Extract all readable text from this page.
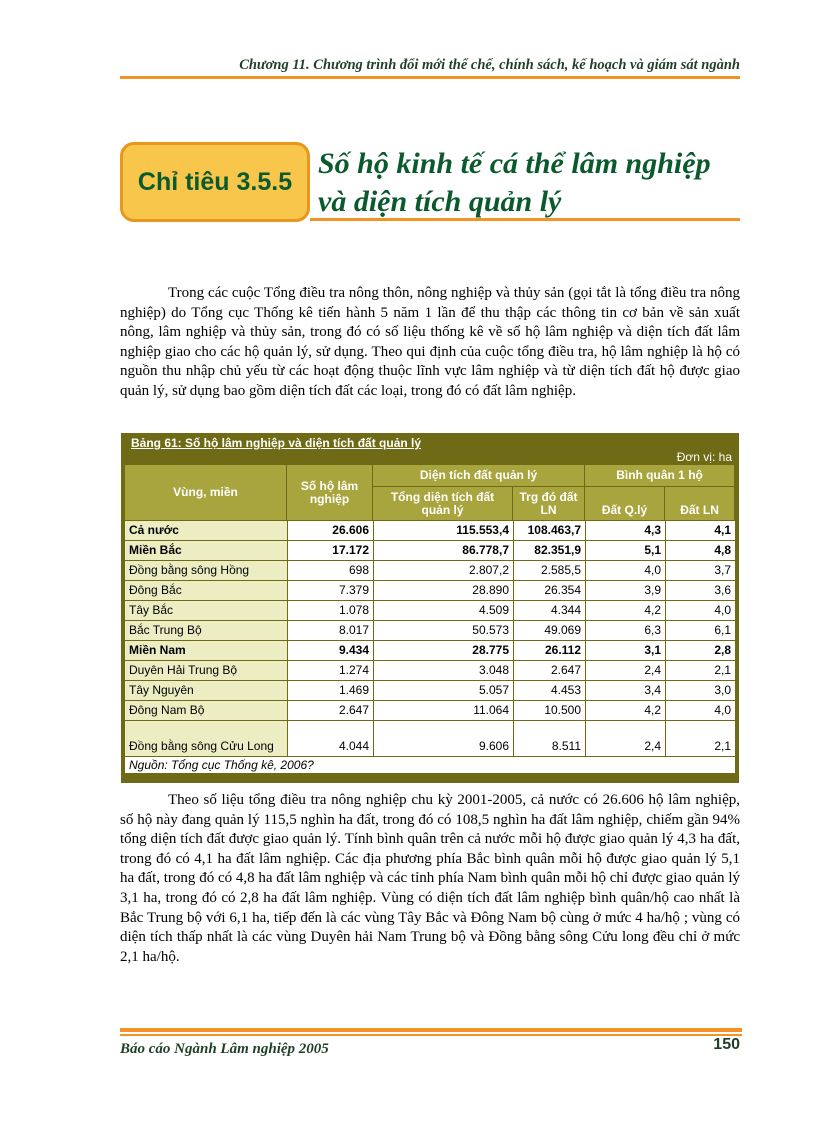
Chương 11. Chương trình đổi mới thể chế, chính sách, kế hoạch và giám sát ngành
Chỉ tiêu 3.5.5
Số hộ kinh tế cá thể lâm nghiệp và diện tích quản lý

Trong các cuộc Tổng điều tra nông thôn, nông nghiệp và thủy sản (gọi tắt là tổng điều tra nông nghiệp) do Tổng cục Thống kê tiến hành 5 năm 1 lần để thu thập các thông tin cơ bản về sản xuất nông, lâm nghiệp và thủy sản, trong đó có số liệu thống kê về số hộ lâm nghiệp và diện tích đất lâm nghiệp giao cho các hộ quản lý, sử dụng. Theo qui định của cuộc tổng điều tra, hộ lâm nghiệp là hộ có nguồn thu nhập chủ yếu từ các hoạt động thuộc lĩnh vực lâm nghiệp và từ diện tích đất hộ được giao quản lý, sử dụng bao gồm diện tích đất các loại, trong đó có đất lâm nghiệp.

Bảng 61: Số hộ lâm nghiệp và diện tích đất quản lý
Đơn vị: ha
Vùng, miền	Số hộ lâm nghiệp	Diện tích đất quản lý		Bình quân 1 hộ	
		Tổng diện tích đất quản lý	Trg đó đất LN	Đất Q.lý	Đất LN
Cả nước	26.606	115.553,4	108.463,7	4,3	4,1
Miền Bắc	17.172	86.778,7	82.351,9	5,1	4,8
Đồng bằng sông Hồng	698	2.807,2	2.585,5	4,0	3,7
Đông Bắc	7.379	28.890	26.354	3,9	3,6
Tây Bắc	1.078	4.509	4.344	4,2	4,0
Bắc Trung Bộ	8.017	50.573	49.069	6,3	6,1
Miền Nam	9.434	28.775	26.112	3,1	2,8
Duyên Hải Trung Bộ	1.274	3.048	2.647	2,4	2,1
Tây Nguyên	1.469	5.057	4.453	3,4	3,0
Đông Nam Bộ	2.647	11.064	10.500	4,2	4,0
Đồng bằng sông Cửu Long	4.044	9.606	8.511	2,4	2,1
Nguồn: Tổng cục Thống kê, 2006?

Theo số liệu tổng điều tra nông nghiệp chu kỳ 2001-2005, cả nước có 26.606 hộ lâm nghiệp, số hộ này đang quản lý 115,5 nghìn ha đất, trong đó có 108,5 nghìn ha đất lâm nghiệp, chiếm gần 94% tổng diện tích đất được giao quản lý. Tính bình quân trên cả nước mỗi hộ được giao quản lý 4,3 ha đất, trong đó có 4,1 ha đất lâm nghiệp. Các địa phương phía Bắc bình quân mỗi hộ được giao quản lý 5,1 ha đất, trong đó có 4,8 ha đất lâm nghiệp và các tỉnh phía Nam bình quân mỗi hộ chỉ được giao quản lý 3,1 ha, trong đó có 2,8 ha đất lâm nghiệp. Vùng có diện tích đất lâm nghiệp bình quân/hộ cao nhất là Bắc Trung bộ với 6,1 ha, tiếp đến là các vùng Tây Bắc và Đông Nam bộ cùng ở mức 4 ha/hộ ; vùng có diện tích thấp nhất là các vùng Duyên hải Nam Trung bộ và Đồng bằng sông Cửu long đều chỉ ở mức 2,1 ha/hộ.

Báo cáo Ngành Lâm nghiệp 2005	150
